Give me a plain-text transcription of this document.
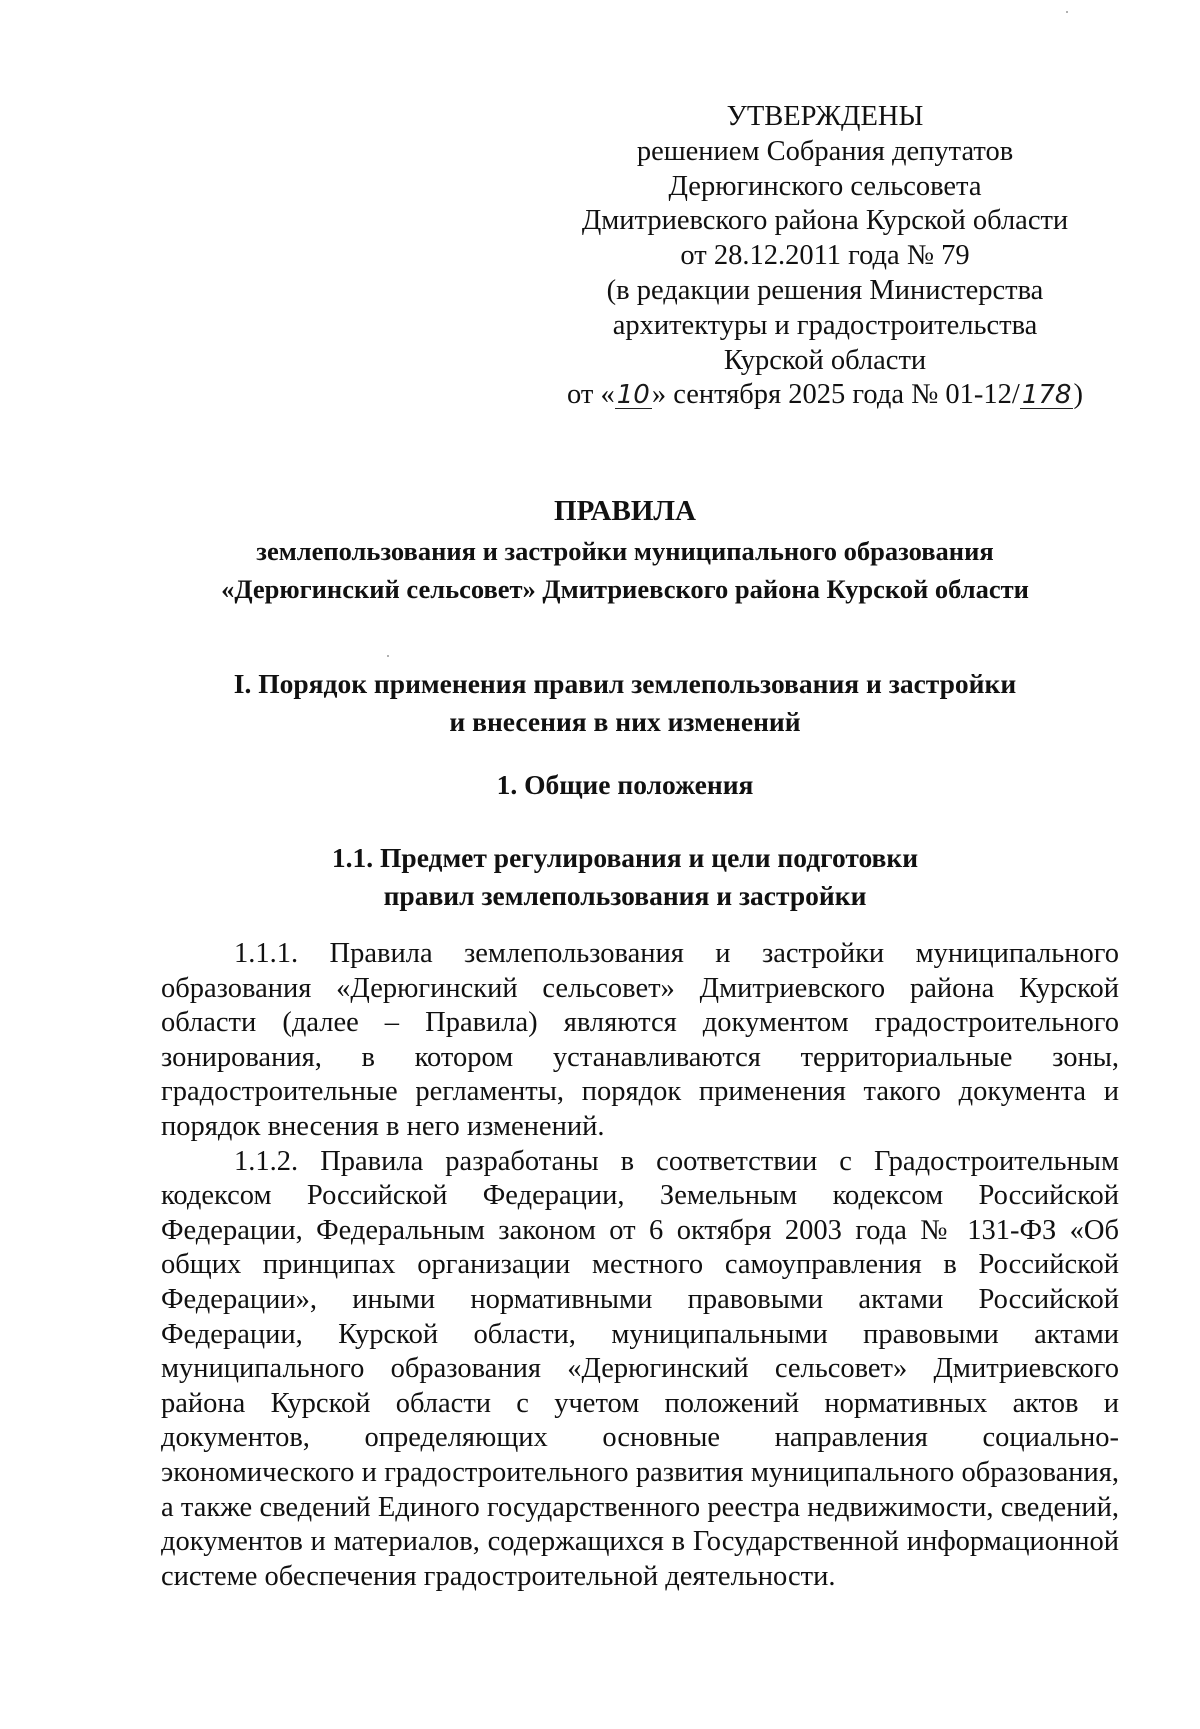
УТВЕРЖДЕНЫ
решением Собрания депутатов
Дерюгинского сельсовета
Дмитриевского района Курской области
от 28.12.2011 года № 79
(в редакции решения Министерства
архитектуры и градостроительства
Курской области
от «10» сентября 2025 года № 01-12/178)
ПРАВИЛА
землепользования и застройки муниципального образования
«Дерюгинский сельсовет» Дмитриевского района Курской области
I. Порядок применения правил землепользования и застройки
и внесения в них изменений
1. Общие положения
1.1. Предмет регулирования и цели подготовки
правил землепользования и застройки

1.1.1. Правила землепользования и застройки муниципального образования «Дерюгинский сельсовет» Дмитриевского района Курской области (далее – Правила) являются документом градостроительного зонирования, в котором устанавливаются территориальные зоны, градостроительные регламенты, порядок применения такого документа и порядок внесения в него изменений.

1.1.2. Правила разработаны в соответствии с Градостроительным кодексом Российской Федерации, Земельным кодексом Российской Федерации, Федеральным законом от 6 октября 2003 года № 131-ФЗ «Об общих принципах организации местного самоуправления в Российской Федерации», иными нормативными правовыми актами Российской Федерации, Курской области, муниципальными правовыми актами муниципального образования «Дерюгинский сельсовет» Дмитриевского района Курской области с учетом положений нормативных актов и документов, определяющих основные направления социально-экономического и градостроительного развития муниципального образования, а также сведений Единого государственного реестра недвижимости, сведений, документов и материалов, содержащихся в Государственной информационной системе обеспечения градостроительной деятельности.
